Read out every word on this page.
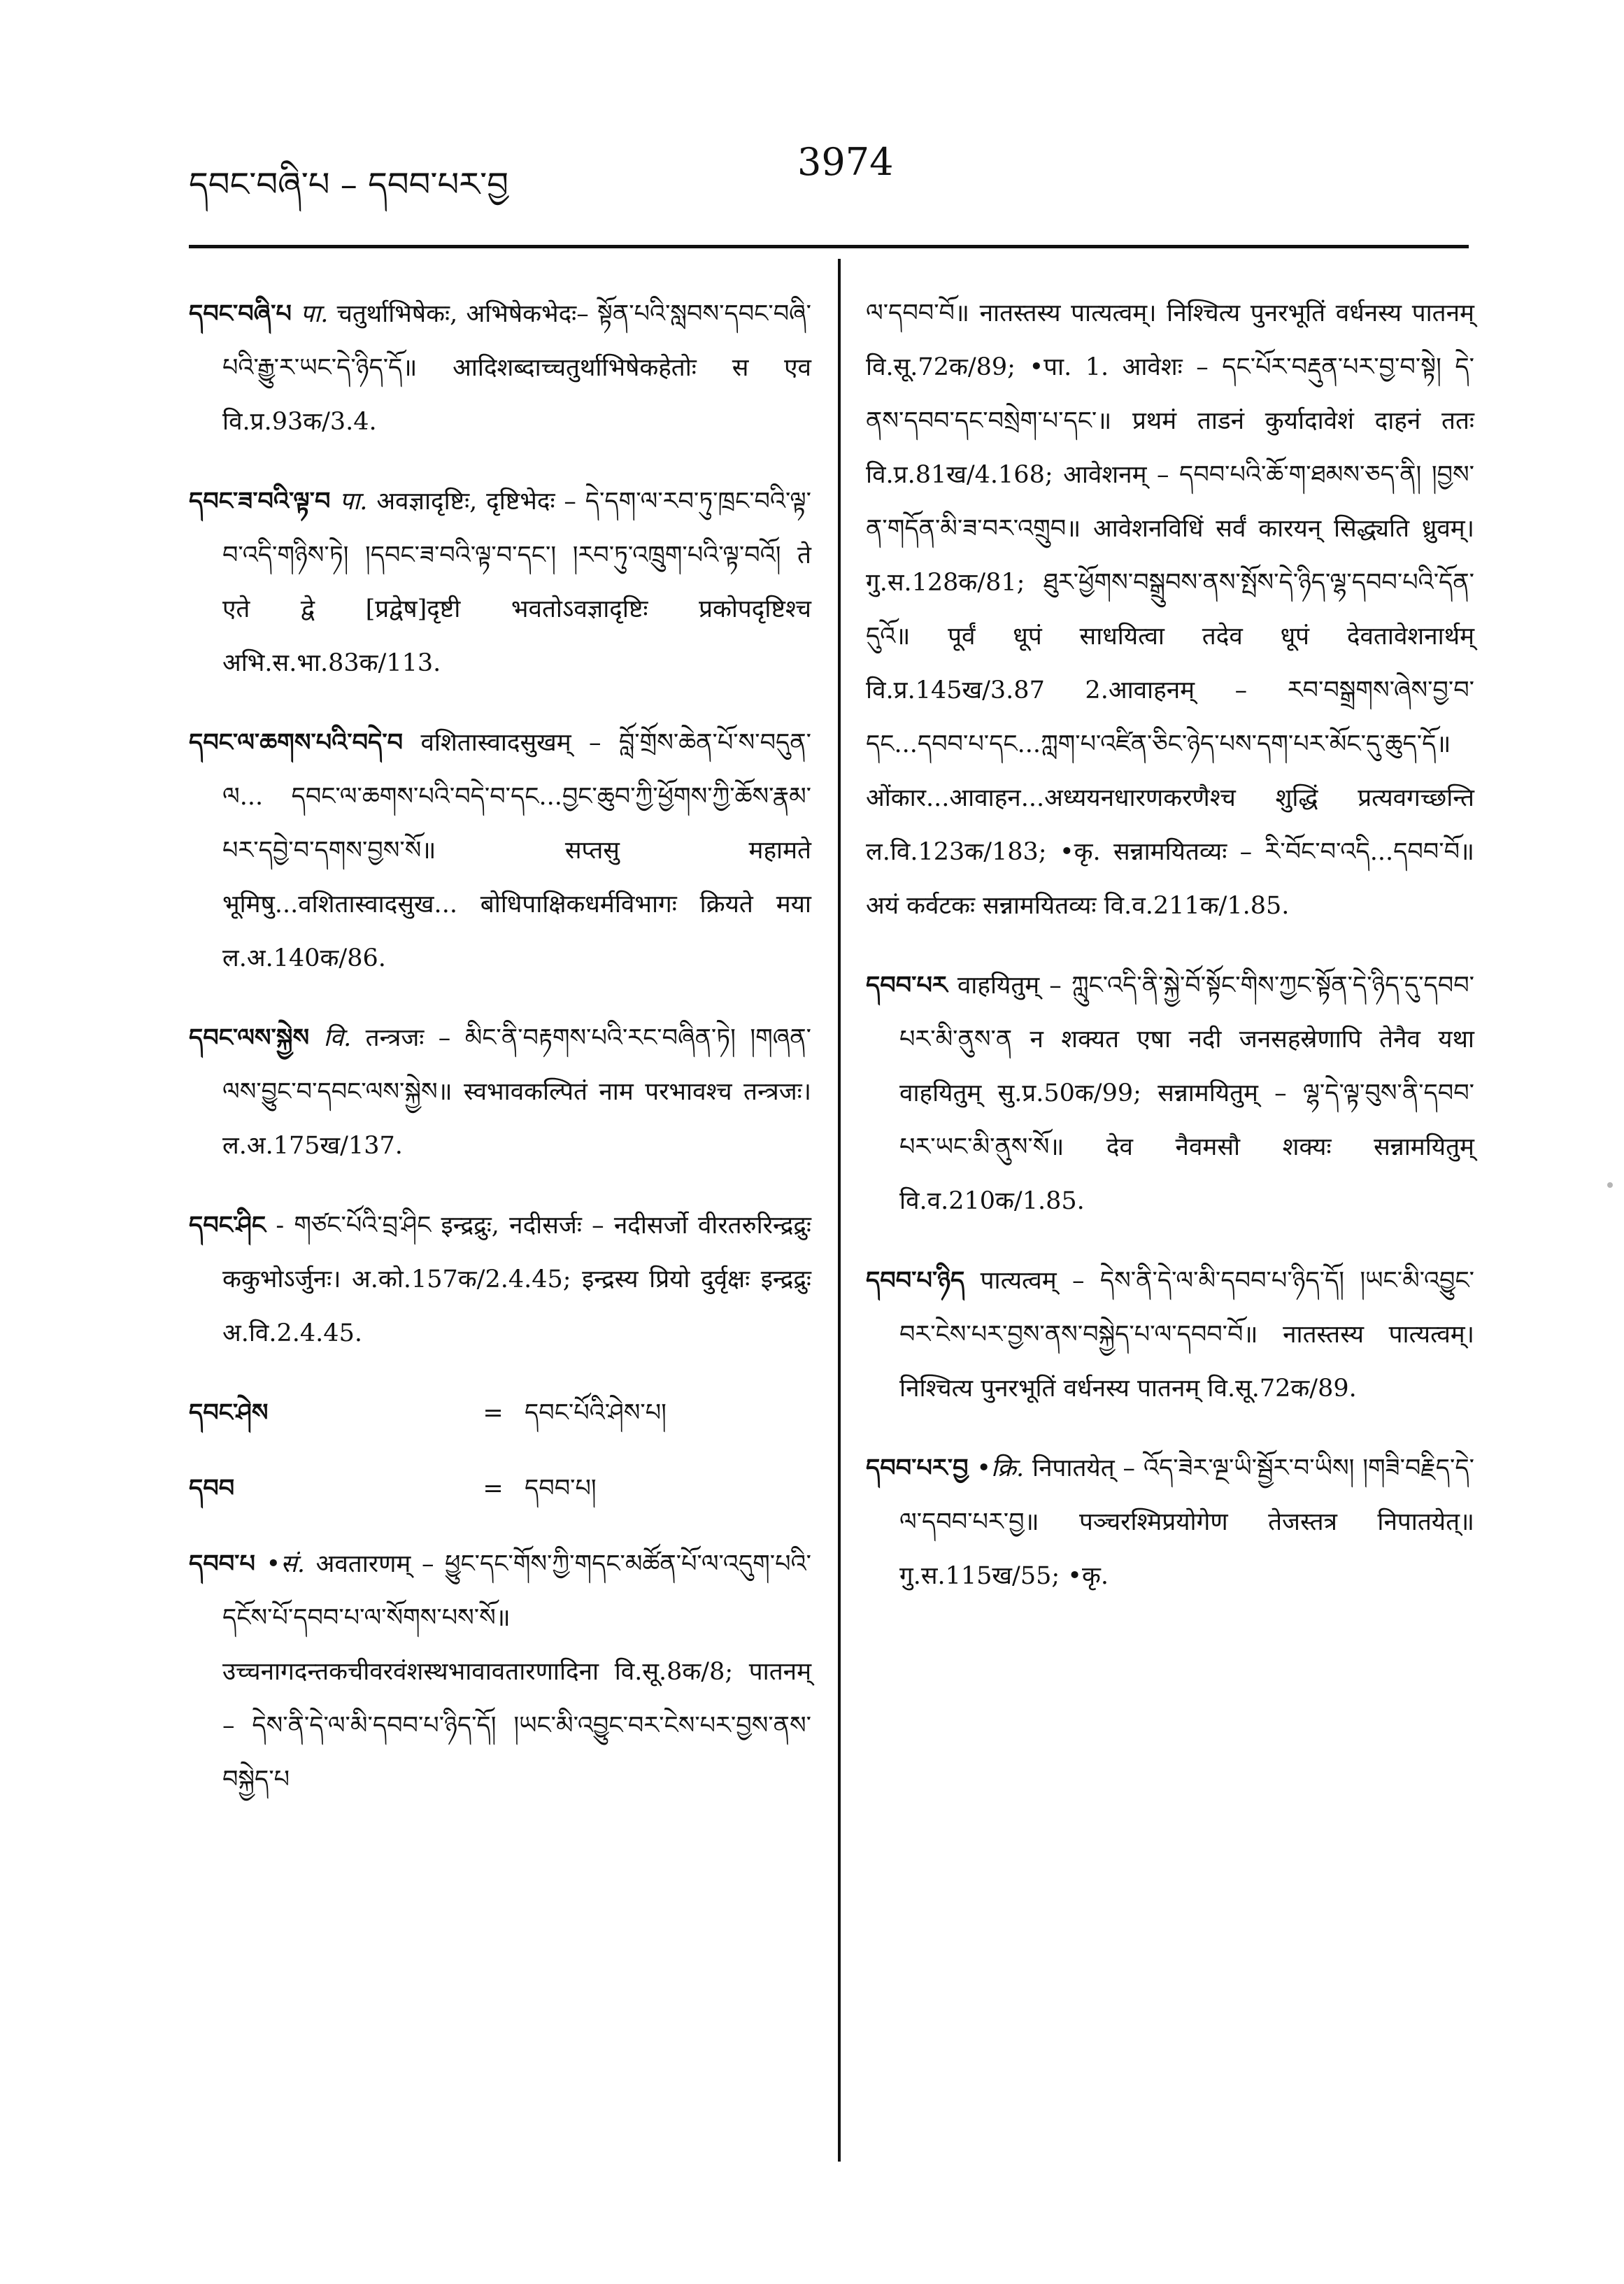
དབང་བཞི་པ – དབབ་པར་བྱ
3974

དབང་བཞི་པ पा. चतुर्थाभिषेकः, अभिषेकभेदः– སྟོན་པའི་སླབས་དབང་བཞི་པའི་རྒྱུ་ར་ཡང་དེ་ཉིད་དོ॥ आदिशब्दाच्चतुर्थाभिषेकहेतोः स एव वि.प्र.93क/3.4.

དབང་ཟ་བའི་ལྟ་བ पा. अवज्ञादृष्टिः, दृष्टिभेदः – དེ་དག་ལ་རབ་ཏུ་ཁྲང་བའི་ལྟ་བ་འདི་གཉིས་ཏེ། །དབང་ཟ་བའི་ལྟ་བ་དང་། །རབ་ཏུ་འཁྲུག་པའི་ལྟ་བའོ། ते एते द्वे [प्रद्वेष]दृष्टी भवतोऽवज्ञादृष्टिः प्रकोपदृष्टिश्च अभि.स.भा.83क/113.

དབང་ལ་ཆགས་པའི་བདེ་བ वशितास्वादसुखम् – བློ་གྲོས་ཆེན་པོ་ས་བདུན་ལ... དབང་ལ་ཆགས་པའི་བདེ་བ་དང...བྱང་ཆུབ་ཀྱི་ཕྱོགས་ཀྱི་ཆོས་རྣམ་པར་དབྱེ་བ་དགས་བྱས་སོ॥ सप्तसु महामते भूमिषु...वशितास्वादसुख... बोधिपाक्षिकधर्मविभागः क्रियते मया ल.अ.140क/86.

དབང་ལས་སྐྱེས वि. तन्त्रजः – མིང་ནི་བརྟགས་པའི་རང་བཞིན་ཏེ། །གཞན་ལས་བྱུང་བ་དབང་ལས་སྐྱེས॥ स्वभावकल्पितं नाम परभावश्च तन्त्रजः। ल.अ.175ख/137.

དབང་ཤིང - གཙང་པོའི་བྲ་ཤིང इन्द्रद्रुः, नदीसर्जः – नदीसर्जो वीरतरुरिन्द्रद्रुः ककुभोऽर्जुनः। अ.को.157क/2.4.45; इन्द्रस्य प्रियो दुर्वृक्षः इन्द्रद्रुः अ.वि.2.4.45.

དབང་ཤེས	= དབང་པོའི་ཤེས་པ།
དབབ	= དབབ་པ།

དབབ་པ •सं. अवतारणम् – ཕྱུང་དང་གོས་ཀྱི་གདང་མཚོན་པོ་ལ་འདུག་པའི་དངོས་པོ་དབབ་པ་ལ་སོགས་པས་སོ॥ उच्चनागदन्तकचीवरवंशस्थभावावतारणादिना वि.सू.8क/8; पातनम् – དེས་ནི་དེ་ལ་མི་དབབ་པ་ཉིད་དོ། །ཡང་མི་འབྱུང་བར་ངེས་པར་བྱས་ནས་བསྐྱེད་པ

ལ་དབབ་བོ॥ नातस्तस्य पात्यत्वम्। निश्चित्य पुनरभूतिं वर्धनस्य पातनम् वि.सू.72क/89; •पा. 1. आवेशः – དང་པོར་བརྡུན་པར་བྱ་བ་སྟེ། དེ་ནས་དབབ་དང་བསྲེག་པ་དང་॥ प्रथमं ताडनं कुर्यादावेशं दाहनं ततः वि.प्र.81ख/4.168; आवेशनम् – དབབ་པའི་ཆོ་ག་ཐམས་ཅད་ནི། །བྱས་ན་གདོན་མི་ཟ་བར་འགྲུབ॥ आवेशनविधिं सर्वं कारयन् सिद्ध्यति ध्रुवम्। गु.स.128क/81; ཐུར་ཕྱོགས་བསྒྲུབས་ནས་སྤོས་དེ་ཉིད་ལྷ་དབབ་པའི་དོན་དུའོ॥ पूर्वं धूपं साधयित्वा तदेव धूपं देवतावेशनार्थम् वि.प्र.145ख/3.87 2.आवाहनम् – རབ་བསྒྲགས་ཞེས་བྱ་བ་དང...དབབ་པ་དང...ཀླག་པ་འཛིན་ཅིང་ཉེད་པས་དག་པར་མོང་དུ་ཆུད་དོ॥ ओंकार...आवाहन...अध्ययनधारणकरणैश्च शुद्धिं प्रत्यवगच्छन्ति ल.वि.123क/183; •कृ. सन्नामयितव्यः – རི་བོང་བ་འདི...དབབ་བོ॥ अयं कर्वटकः सन्नामयितव्यः वि.व.211क/1.85.

དབབ་པར वाहयितुम् – ཀླུང་འདི་ནི་སྐྱེ་བོ་སྟོང་གིས་ཀྱང་སྟོན་དེ་ཉིད་དུ་དབབ་པར་མི་ནུས་ན न शक्यत एषा नदी जनसहस्रेणापि तेनैव यथा वाहयितुम् सु.प्र.50क/99; सन्नामयितुम् – ལྷ་དེ་ལྟ་བུས་ནི་དབབ་པར་ཡང་མི་ནུས་སོ॥ देव नैवमसौ शक्यः सन्नामयितुम् वि.व.210क/1.85.

དབབ་པ་ཉིད पात्यत्वम् – དེས་ནི་དེ་ལ་མི་དབབ་པ་ཉིད་དོ། །ཡང་མི་འབྱུང་བར་ངེས་པར་བྱས་ནས་བསྐྱེད་པ་ལ་དབབ་བོ॥ नातस्तस्य पात्यत्वम्। निश्चित्य पुनरभूतिं वर्धनस्य पातनम् वि.सू.72क/89.

དབབ་པར་བྱ •क्रि. निपातयेत् – འོད་ཟེར་ལྔ་ཡི་སྦྱོར་བ་ཡིས། །གཟི་བརྗིད་དེ་ལ་དབབ་པར་བྱ॥ पञ्चरश्मिप्रयोगेण तेजस्तत्र निपातयेत्॥ गु.स.115ख/55; •कृ.
